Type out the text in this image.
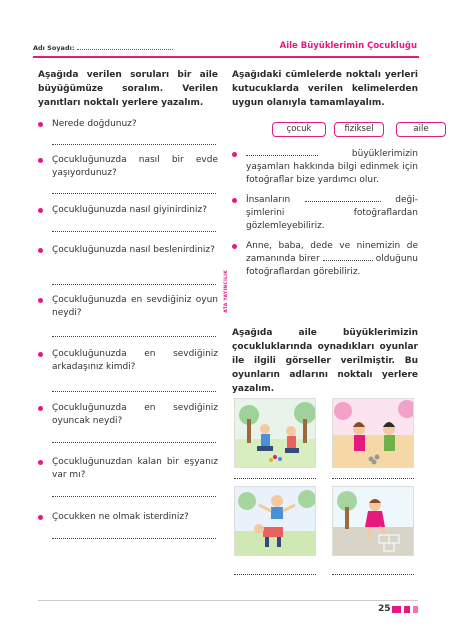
Adı Soyadı:	Aile Büyüklerimin Çocukluğu
Aşağıda verilen soruları bir aile büyüğümüze soralım. Verilen yanıtları noktalı yerlere yazalım.
Nerede doğdunuz?
Çocukluğunuzda nasıl bir evde yaşıyordunuz?
Çocukluğunuzda nasıl giyinirdiniz?
Çocukluğunuzda nasıl beslenirdiniz?
Çocukluğunuzda en sevdiğiniz oyun neydi?
Çocukluğunuzda en sevdiğiniz arkadaşınız kimdi?
Çocukluğunuzda en sevdiğiniz oyuncak neydi?
Çocukluğunuzdan kalan bir eşyanız var mı?
Çocukken ne olmak isterdiniz?
ATA YAYINCILIK
Aşağıdaki cümlelerde noktalı yerleri kutucuklarda verilen kelimelerden uygun olanıyla tamamlayalım.
çocuk	fiziksel	aile
büyüklerimizin yaşamları hakkında bilgi edinmek için fotoğraflar bize yardımcı olur.
İnsanların	deği- şimlerini fotoğraflardan gözlemleyebiliriz.
Anne, baba, dede ve ninemizin de zamanında birer	olduğunu fotoğraflardan görebiliriz.
Aşağıda aile büyüklerimizin çocukluklarında oynadıkları oyunlar ile ilgili görseller verilmiştir. Bu oyunların adlarını noktalı yerlere yazalım.
25
